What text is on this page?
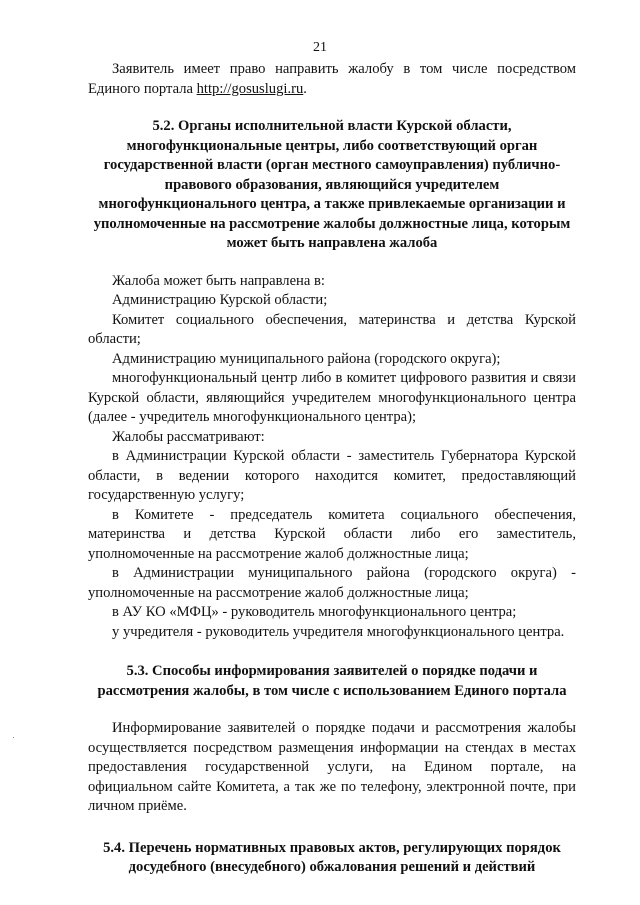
21

Заявитель имеет право направить жалобу в том числе посредством Единого портала http://gosuslugi.ru.

5.2. Органы исполнительной власти Курской области, многофункциональные центры, либо соответствующий орган государственной власти (орган местного самоуправления) публично-правового образования, являющийся учредителем многофункционального центра, а также привлекаемые организации и уполномоченные на рассмотрение жалобы должностные лица, которым может быть направлена жалоба

Жалоба может быть направлена в:

Администрацию Курской области;

Комитет социального обеспечения, материнства и детства Курской области;

Администрацию муниципального района (городского округа);

многофункциональный центр либо в комитет цифрового развития и связи Курской области, являющийся учредителем многофункционального центра (далее - учредитель многофункционального центра);

Жалобы рассматривают:

в Администрации Курской области - заместитель Губернатора Курской области, в ведении которого находится комитет, предоставляющий государственную услугу;

в Комитете - председатель комитета социального обеспечения, материнства и детства Курской области либо его заместитель, уполномоченные на рассмотрение жалоб должностные лица;

в Администрации муниципального района (городского округа) - уполномоченные на рассмотрение жалоб должностные лица;

в АУ КО «МФЦ» - руководитель многофункционального центра;

у учредителя - руководитель учредителя многофункционального центра.

5.3. Способы информирования заявителей о порядке подачи и рассмотрения жалобы, в том числе с использованием Единого портала

Информирование заявителей о порядке подачи и рассмотрения жалобы осуществляется посредством размещения информации на стендах в местах предоставления государственной услуги, на Едином портале, на официальном сайте Комитета, а так же по телефону, электронной почте, при личном приёме.

5.4. Перечень нормативных правовых актов, регулирующих порядок досудебного (внесудебного) обжалования решений и действий
